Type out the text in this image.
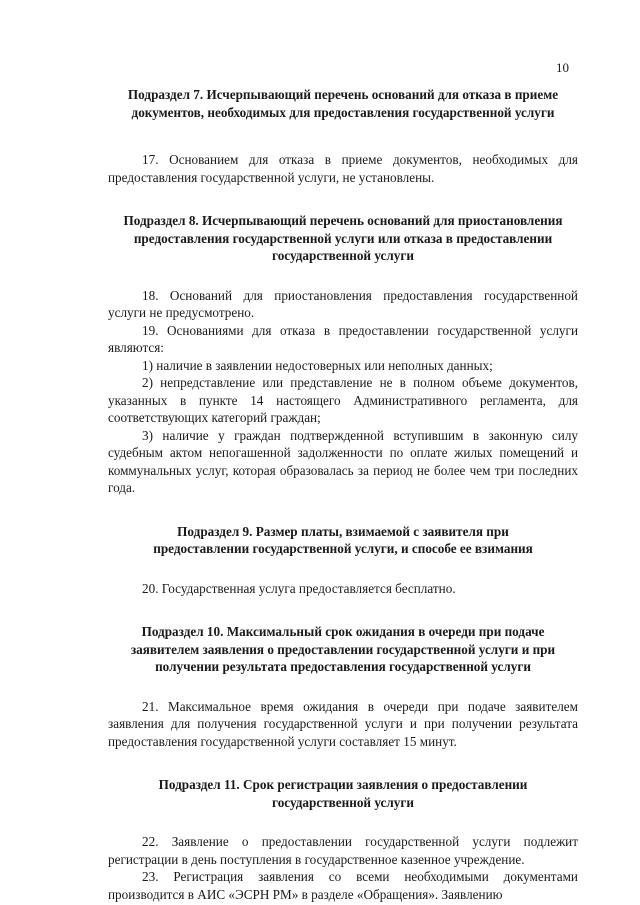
10

Подраздел 7. Исчерпывающий перечень оснований для отказа в приеме документов, необходимых для предоставления государственной услуги

17. Основанием для отказа в приеме документов, необходимых для предоставления государственной услуги, не установлены.

Подраздел 8. Исчерпывающий перечень оснований для приостановления предоставления государственной услуги или отказа в предоставлении государственной услуги

18. Оснований для приостановления предоставления государственной услуги не предусмотрено.

19. Основаниями для отказа в предоставлении государственной услуги являются:

1) наличие в заявлении недостоверных или неполных данных;

2) непредставление или представление не в полном объеме документов, указанных в пункте 14 настоящего Административного регламента, для соответствующих категорий граждан;

3) наличие у граждан подтвержденной вступившим в законную силу судебным актом непогашенной задолженности по оплате жилых помещений и коммунальных услуг, которая образовалась за период не более чем три последних года.

Подраздел 9. Размер платы, взимаемой с заявителя при предоставлении государственной услуги, и способе ее взимания

20. Государственная услуга предоставляется бесплатно.

Подраздел 10. Максимальный срок ожидания в очереди при подаче заявителем заявления о предоставлении государственной услуги и при получении результата предоставления государственной услуги

21. Максимальное время ожидания в очереди при подаче заявителем заявления для получения государственной услуги и при получении результата предоставления государственной услуги составляет 15 минут.

Подраздел 11. Срок регистрации заявления о предоставлении государственной услуги

22. Заявление о предоставлении государственной услуги подлежит регистрации в день поступления в государственное казенное учреждение.

23. Регистрация заявления со всеми необходимыми документами производится в АИС «ЭСРН РМ» в разделе «Обращения». Заявлению
